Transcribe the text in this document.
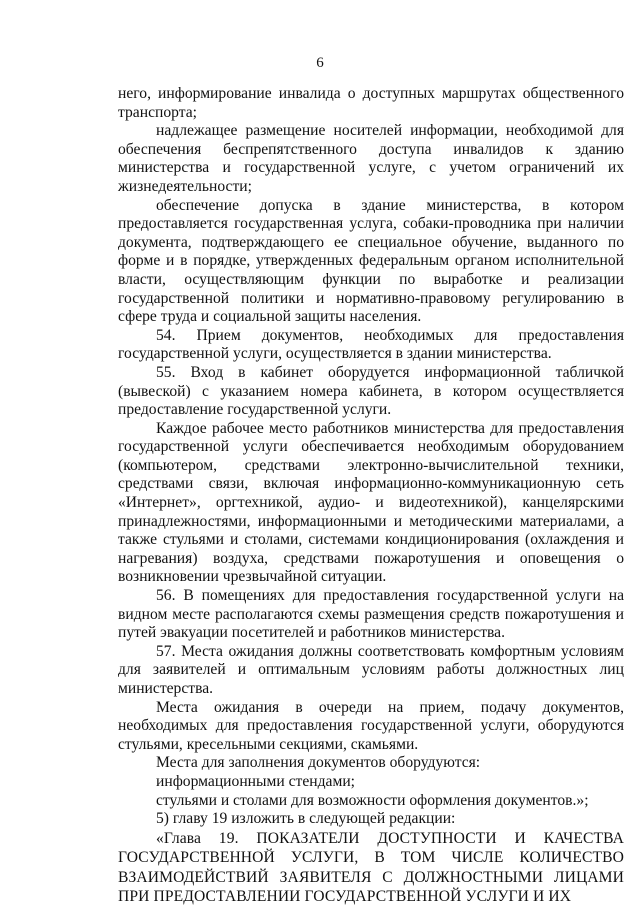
6

него, информирование инвалида о доступных маршрутах общественного транспорта;

надлежащее размещение носителей информации, необходимой для обеспечения беспрепятственного доступа инвалидов к зданию министерства и государственной услуге, с учетом ограничений их жизнедеятельности;

обеспечение допуска в здание министерства, в котором предоставляется государственная услуга, собаки-проводника при наличии документа, подтверждающего ее специальное обучение, выданного по форме и в порядке, утвержденных федеральным органом исполнительной власти, осуществляющим функции по выработке и реализации государственной политики и нормативно-правовому регулированию в сфере труда и социальной защиты населения.

54. Прием документов, необходимых для предоставления государственной услуги, осуществляется в здании министерства.

55. Вход в кабинет оборудуется информационной табличкой (вывеской) с указанием номера кабинета, в котором осуществляется предоставление государственной услуги.

Каждое рабочее место работников министерства для предоставления государственной услуги обеспечивается необходимым оборудованием (компьютером, средствами электронно-вычислительной техники, средствами связи, включая информационно-коммуникационную сеть «Интернет», оргтехникой, аудио- и видеотехникой), канцелярскими принадлежностями, информационными и методическими материалами, а также стульями и столами, системами кондиционирования (охлаждения и нагревания) воздуха, средствами пожаротушения и оповещения о возникновении чрезвычайной ситуации.

56. В помещениях для предоставления государственной услуги на видном месте располагаются схемы размещения средств пожаротушения и путей эвакуации посетителей и работников министерства.

57. Места ожидания должны соответствовать комфортным условиям для заявителей и оптимальным условиям работы должностных лиц министерства.

Места ожидания в очереди на прием, подачу документов, необходимых для предоставления государственной услуги, оборудуются стульями, кресельными секциями, скамьями.

Места для заполнения документов оборудуются:

информационными стендами;

стульями и столами для возможности оформления документов.»;

5) главу 19 изложить в следующей редакции:

«Глава 19. ПОКАЗАТЕЛИ ДОСТУПНОСТИ И КАЧЕСТВА ГОСУДАРСТВЕННОЙ УСЛУГИ, В ТОМ ЧИСЛЕ КОЛИЧЕСТВО ВЗАИМОДЕЙСТВИЙ ЗАЯВИТЕЛЯ С ДОЛЖНОСТНЫМИ ЛИЦАМИ ПРИ ПРЕДОСТАВЛЕНИИ ГОСУДАРСТВЕННОЙ УСЛУГИ И ИХ
